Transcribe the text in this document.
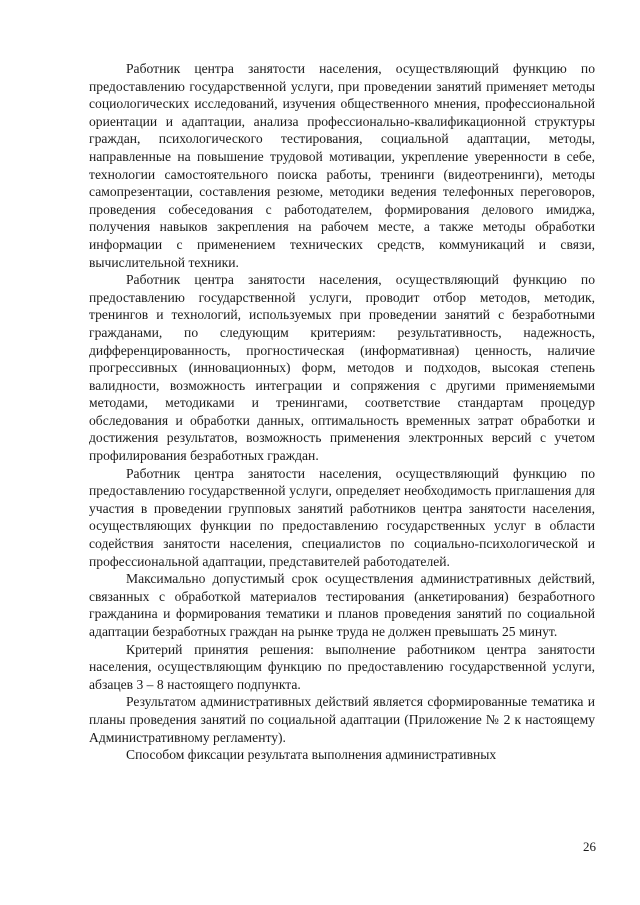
Работник центра занятости населения, осуществляющий функцию по предоставлению государственной услуги, при проведении занятий применяет методы социологических исследований, изучения общественного мнения, профессиональной ориентации и адаптации, анализа профессионально-квалификационной структуры граждан, психологического тестирования, социальной адаптации, методы, направленные на повышение трудовой мотивации, укрепление уверенности в себе, технологии самостоятельного поиска работы, тренинги (видеотренинги), методы самопрезентации, составления резюме, методики ведения телефонных переговоров, проведения собеседования с работодателем, формирования делового имиджа, получения навыков закрепления на рабочем месте, а также методы обработки информации с применением технических средств, коммуникаций и связи, вычислительной техники.

Работник центра занятости населения, осуществляющий функцию по предоставлению государственной услуги, проводит отбор методов, методик, тренингов и технологий, используемых при проведении занятий с безработными гражданами, по следующим критериям: результативность, надежность, дифференцированность, прогностическая (информативная) ценность, наличие прогрессивных (инновационных) форм, методов и подходов, высокая степень валидности, возможность интеграции и сопряжения с другими применяемыми методами, методиками и тренингами, соответствие стандартам процедур обследования и обработки данных, оптимальность временных затрат обработки и достижения результатов, возможность применения электронных версий с учетом профилирования безработных граждан.

Работник центра занятости населения, осуществляющий функцию по предоставлению государственной услуги, определяет необходимость приглашения для участия в проведении групповых занятий работников центра занятости населения, осуществляющих функции по предоставлению государственных услуг в области содействия занятости населения, специалистов по социально-психологической и профессиональной адаптации, представителей работодателей.

Максимально допустимый срок осуществления административных действий, связанных с обработкой материалов тестирования (анкетирования) безработного гражданина и формирования тематики и планов проведения занятий по социальной адаптации безработных граждан на рынке труда не должен превышать 25 минут.

Критерий принятия решения: выполнение работником центра занятости населения, осуществляющим функцию по предоставлению государственной услуги, абзацев 3 – 8 настоящего подпункта.

Результатом административных действий является сформированные тематика и планы проведения занятий по социальной адаптации (Приложение № 2 к настоящему Административному регламенту).

Способом фиксации результата выполнения административных

26
